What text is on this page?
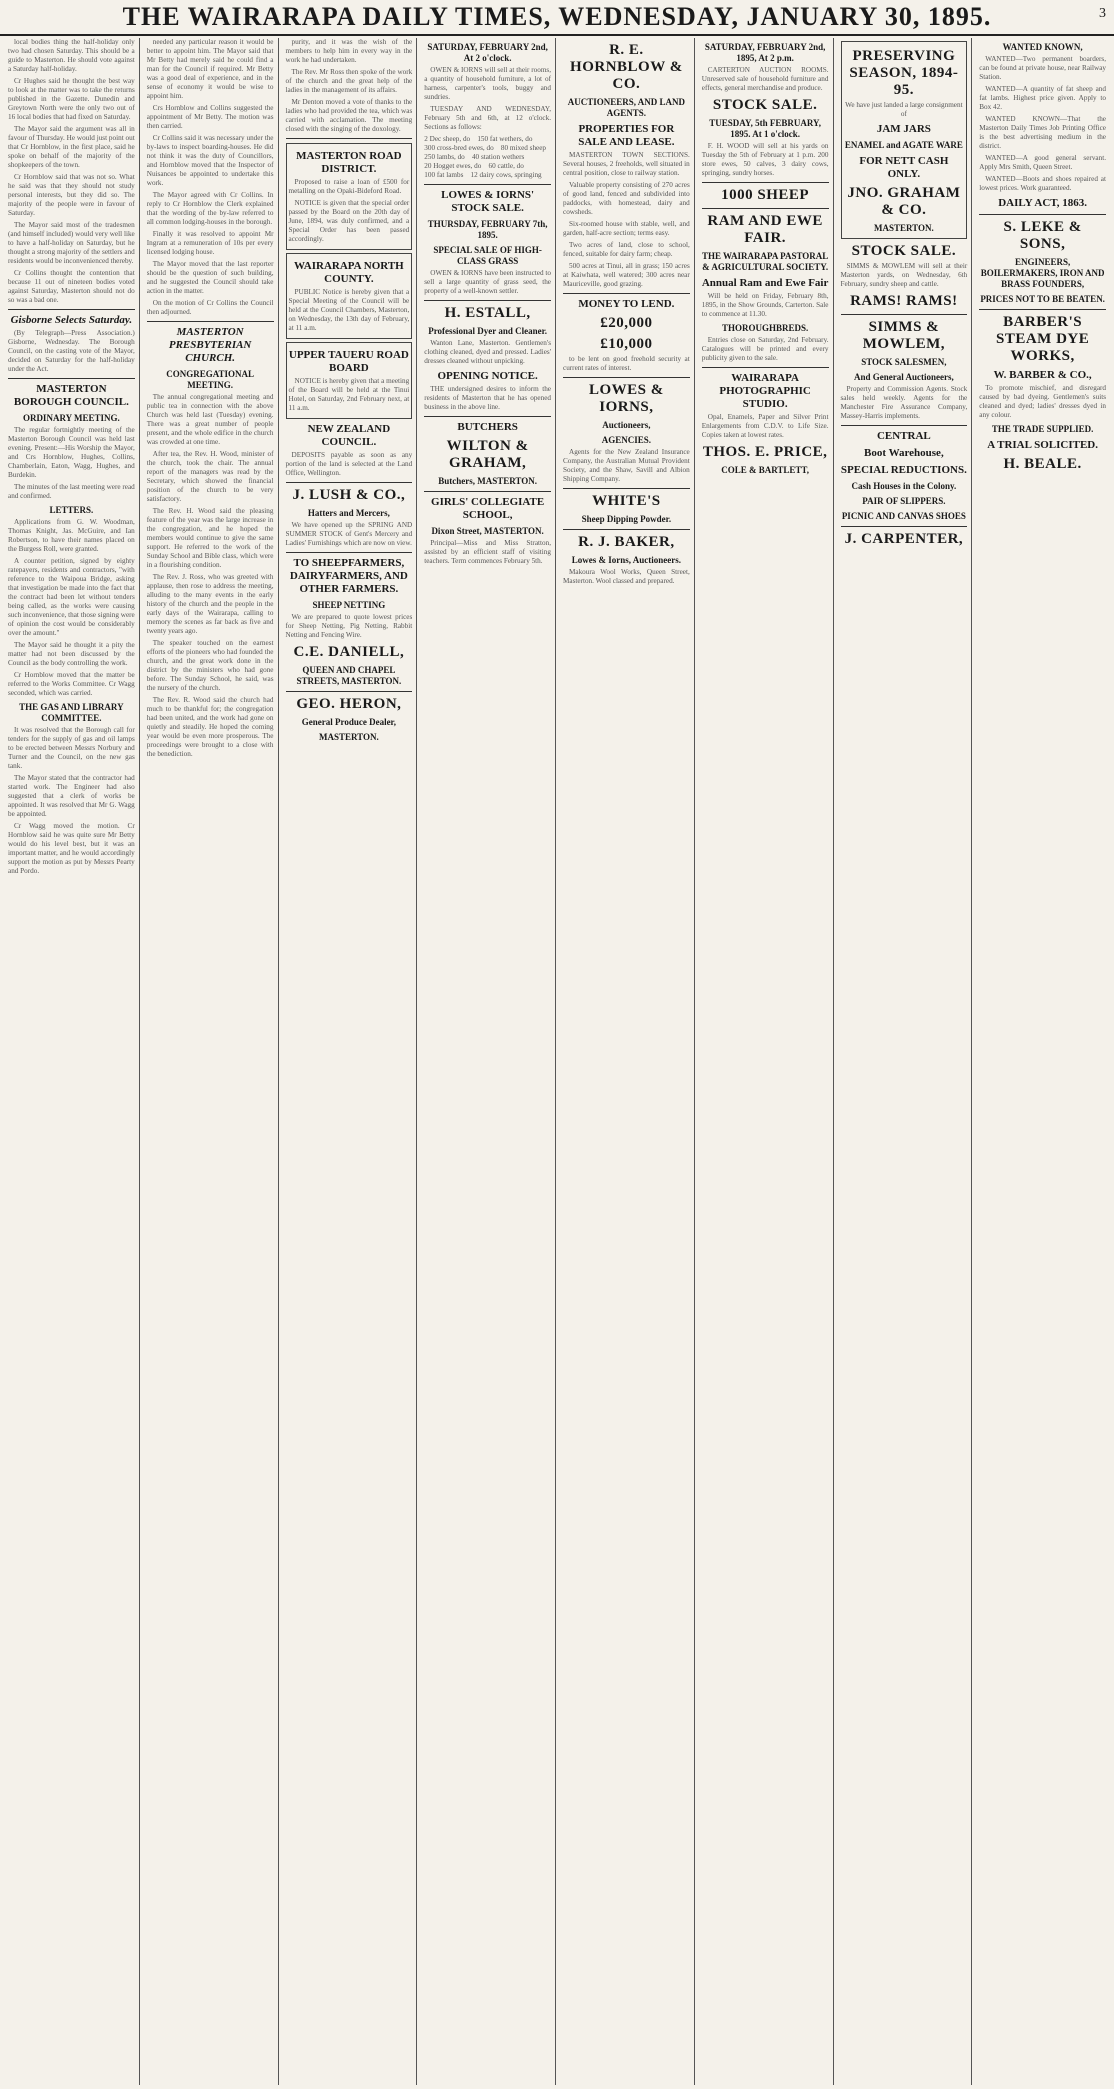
THE WAIRARAPA DAILY TIMES, WEDNESDAY, JANUARY 30, 1895.	3

local bodies thing the half-holiday only two had chosen Saturday. This should be a guide to Masterton. He should vote against a Saturday half-holiday.

Cr Hughes said he thought the best way to look at the matter was to take the returns published in the Gazette. Dunedin and Greytown North were the only two out of 16 local bodies that had fixed on Saturday.

The Mayor said the argument was all in favour of Thursday. He would just point out that Cr Hornblow, in the first place, said he spoke on behalf of the majority of the shopkeepers of the town.

Cr Hornblow said that was not so. What he said was that they should not study personal interests, but they did so. The majority of the people were in favour of Saturday.

The Mayor said most of the tradesmen (and himself included) would very well like to have a half-holiday on Saturday, but he thought a strong majority of the settlers and residents would be inconvenienced thereby.

Cr Collins thought the contention that because 11 out of nineteen bodies voted against Saturday, Masterton should not do so was a bad one.

Gisborne Selects Saturday.

(By Telegraph—Press Association.) Gisborne, Wednesday. The Borough Council, on the casting vote of the Mayor, decided on Saturday for the half-holiday under the Act.

MASTERTON BOROUGH COUNCIL.
ORDINARY MEETING.

The regular fortnightly meeting of the Masterton Borough Council was held last evening. Present:—His Worship the Mayor, and Crs Hornblow, Hughes, Collins, Chamberlain, Eaton, Wagg, Hughes, and Burdekin.

The minutes of the last meeting were read and confirmed.

LETTERS.

Applications from G. W. Woodman, Thomas Knight, Jas. McGuire, and Ian Robertson, to have their names placed on the Burgess Roll, were granted.

A counter petition, signed by eighty ratepayers, residents and contractors, "with reference to the Waipoua Bridge, asking that investigation be made into the fact that the contract had been let without tenders being called, as the works were causing such inconvenience, that those signing were of opinion the cost would be considerably over the amount."

The Mayor said he thought it a pity the matter had not been discussed by the Council as the body controlling the work.

Cr Hornblow moved that the matter be referred to the Works Committee. Cr Wagg seconded, which was carried.

THE GAS AND LIBRARY COMMITTEE.

It was resolved that the Borough call for tenders for the supply of gas and oil lamps to be erected between Messrs Norbury and Turner and the Council, on the new gas tank.

The Mayor stated that the contractor had started work. The Engineer had also suggested that a clerk of works be appointed. It was resolved that Mr G. Wagg be appointed.

Cr Wagg moved the motion. Cr Hornblow said he was quite sure Mr Betty would do his level best, but it was an important matter, and he would accordingly support the motion as put by Messrs Pearty and Pordo.

needed any particular reason it would be better to appoint him. The Mayor said that Mr Betty had merely said he could find a man for the Council if required. Mr Betty was a good deal of experience, and in the sense of economy it would be wise to appoint him.

Crs Hornblow and Collins suggested the appointment of Mr Betty. The motion was then carried.

Cr Collins said it was necessary under the by-laws to inspect boarding-houses. He did not think it was the duty of Councillors, and Hornblow moved that the Inspector of Nuisances be appointed to undertake this work.

The Mayor agreed with Cr Collins. In reply to Cr Hornblow the Clerk explained that the wording of the by-law referred to all common lodging-houses in the borough.

Finally it was resolved to appoint Mr Ingram at a remuneration of 10s per every licensed lodging house.

The Mayor moved that the last reporter should be the question of such building, and he suggested the Council should take action in the matter.

On the motion of Cr Collins the Council then adjourned.

MASTERTON PRESBYTERIAN CHURCH.
CONGREGATIONAL MEETING.

The annual congregational meeting and public tea in connection with the above Church was held last (Tuesday) evening. There was a great number of people present, and the whole edifice in the church was crowded at one time.

After tea, the Rev. H. Wood, minister of the church, took the chair. The annual report of the managers was read by the Secretary, which showed the financial position of the church to be very satisfactory.

The Rev. H. Wood said the pleasing feature of the year was the large increase in the congregation, and he hoped the members would continue to give the same support. He referred to the work of the Sunday School and Bible class, which were in a flourishing condition.

The Rev. J. Ross, who was greeted with applause, then rose to address the meeting, alluding to the many events in the early history of the church and the people in the early days of the Wairarapa, calling to memory the scenes as far back as five and twenty years ago.

The speaker touched on the earnest efforts of the pioneers who had founded the church, and the great work done in the district by the ministers who had gone before. The Sunday School, he said, was the nursery of the church.

The Rev. R. Wood said the church had much to be thankful for; the congregation had been united, and the work had gone on quietly and steadily. He hoped the coming year would be even more prosperous. The proceedings were brought to a close with the benediction.

purity, and it was the wish of the members to help him in every way in the work he had undertaken.

The Rev. Mr Ross then spoke of the work of the church and the great help of the ladies in the management of its affairs.

Mr Denton moved a vote of thanks to the ladies who had provided the tea, which was carried with acclamation. The meeting closed with the singing of the doxology.

MASTERTON ROAD DISTRICT.

Proposed to raise a loan of £500 for metalling on the Opaki-Bideford Road.

NOTICE is given that the special order passed by the Board on the 20th day of June, 1894, was duly confirmed, and a Special Order has been passed accordingly.

WAIRARAPA NORTH COUNTY.

PUBLIC Notice is hereby given that a Special Meeting of the Council will be held at the Council Chambers, Masterton, on Wednesday, the 13th day of February, at 11 a.m.

UPPER TAUERU ROAD BOARD

NOTICE is hereby given that a meeting of the Board will be held at the Tinui Hotel, on Saturday, 2nd February next, at 11 a.m.

NEW ZEALAND COUNCIL.

DEPOSITS payable as soon as any portion of the land is selected at the Land Office, Wellington.

J. LUSH & CO.,
Hatters and Mercers,

We have opened up the SPRING AND SUMMER STOCK of Gent's Mercery and Ladies' Furnishings which are now on view.

TO SHEEPFARMERS, DAIRYFARMERS, AND OTHER FARMERS.
SHEEP NETTING

We are prepared to quote lowest prices for Sheep Netting, Pig Netting, Rabbit Netting and Fencing Wire.

C.E. DANIELL,
QUEEN AND CHAPEL STREETS, MASTERTON.
GEO. HERON,
General Produce Dealer,
MASTERTON.
SATURDAY, FEBRUARY 2nd, At 2 o'clock.

OWEN & IORNS will sell at their rooms, a quantity of household furniture, a lot of harness, carpenter's tools, buggy and sundries.

TUESDAY AND WEDNESDAY, February 5th and 6th, at 12 o'clock. Sections as follows:

2 Dec sheep, do    150 fat wethers, do
300 cross-bred ewes, do    80 mixed sheep
250 lambs, do    40 station wethers
20 Hogget ewes, do    60 cattle, do
100 fat lambs    12 dairy cows, springing
LOWES & IORNS' STOCK SALE.
THURSDAY, FEBRUARY 7th, 1895.
SPECIAL SALE OF HIGH-CLASS GRASS

OWEN & IORNS have been instructed to sell a large quantity of grass seed, the property of a well-known settler.

H. ESTALL,
Professional Dyer and Cleaner.

Wanton Lane, Masterton. Gentlemen's clothing cleaned, dyed and pressed. Ladies' dresses cleaned without unpicking.

OPENING NOTICE.

THE undersigned desires to inform the residents of Masterton that he has opened business in the above line.

BUTCHERS
WILTON & GRAHAM,
Butchers, MASTERTON.
GIRLS' COLLEGIATE SCHOOL,
Dixon Street, MASTERTON.

Principal—Miss and Miss Stratton, assisted by an efficient staff of visiting teachers. Term commences February 5th.

R. E. HORNBLOW & CO.
AUCTIONEERS, AND LAND AGENTS.
PROPERTIES FOR SALE AND LEASE.

MASTERTON TOWN SECTIONS. Several houses, 2 freeholds, well situated in central position, close to railway station.

Valuable property consisting of 270 acres of good land, fenced and subdivided into paddocks, with homestead, dairy and cowsheds.

Six-roomed house with stable, well, and garden, half-acre section; terms easy.

Two acres of land, close to school, fenced, suitable for dairy farm; cheap.

500 acres at Tinui, all in grass; 150 acres at Kaiwhata, well watered; 300 acres near Mauriceville, good grazing.

MONEY TO LEND.
£20,000
£10,000

to be lent on good freehold security at current rates of interest.

LOWES & IORNS,
Auctioneers,
AGENCIES.

Agents for the New Zealand Insurance Company, the Australian Mutual Provident Society, and the Shaw, Savill and Albion Shipping Company.

WHITE'S
Sheep Dipping Powder.
R. J. BAKER,
Lowes & Iorns, Auctioneers.

Makoura Wool Works, Queen Street, Masterton. Wool classed and prepared.

SATURDAY, FEBRUARY 2nd, 1895, At 2 p.m.

CARTERTON AUCTION ROOMS. Unreserved sale of household furniture and effects, general merchandise and produce.

STOCK SALE.
TUESDAY, 5th FEBRUARY, 1895. At 1 o'clock.

F. H. WOOD will sell at his yards on Tuesday the 5th of February at 1 p.m. 200 store ewes, 50 calves, 3 dairy cows, springing, sundry horses.

1000 SHEEP
RAM AND EWE FAIR.
THE WAIRARAPA PASTORAL & AGRICULTURAL SOCIETY.
Annual Ram and Ewe Fair

Will be held on Friday, February 8th, 1895, in the Show Grounds, Carterton. Sale to commence at 11.30.

THOROUGHBREDS.

Entries close on Saturday, 2nd February. Catalogues will be printed and every publicity given to the sale.

WAIRARAPA PHOTOGRAPHIC STUDIO.

Opal, Enamels, Paper and Silver Print Enlargements from C.D.V. to Life Size. Copies taken at lowest rates.

THOS. E. PRICE,
COLE & BARTLETT,
PRESERVING SEASON, 1894-95.

We have just landed a large consignment of

JAM JARS
ENAMEL and AGATE WARE
FOR NETT CASH ONLY.
JNO. GRAHAM & CO.
MASTERTON.
STOCK SALE.

SIMMS & MOWLEM will sell at their Masterton yards, on Wednesday, 6th February, sundry sheep and cattle.

RAMS! RAMS!
SIMMS & MOWLEM,
STOCK SALESMEN,
And General Auctioneers,

Property and Commission Agents. Stock sales held weekly. Agents for the Manchester Fire Assurance Company, Massey-Harris implements.

CENTRAL
Boot Warehouse,
SPECIAL REDUCTIONS.
Cash Houses in the Colony.
PAIR OF SLIPPERS.
PICNIC AND CANVAS SHOES
J. CARPENTER,
WANTED KNOWN,

WANTED—Two permanent boarders, can be found at private house, near Railway Station.

WANTED—A quantity of fat sheep and fat lambs. Highest price given. Apply to Box 42.

WANTED KNOWN—That the Masterton Daily Times Job Printing Office is the best advertising medium in the district.

WANTED—A good general servant. Apply Mrs Smith, Queen Street.

WANTED—Boots and shoes repaired at lowest prices. Work guaranteed.

DAILY ACT, 1863.
S. LEKE & SONS,
ENGINEERS, BOILERMAKERS, IRON AND BRASS FOUNDERS,
PRICES NOT TO BE BEATEN.
BARBER'S STEAM DYE WORKS,
W. BARBER & CO.,

To promote mischief, and disregard caused by bad dyeing. Gentlemen's suits cleaned and dyed; ladies' dresses dyed in any colour.

THE TRADE SUPPLIED.
A TRIAL SOLICITED.
H. BEALE.
